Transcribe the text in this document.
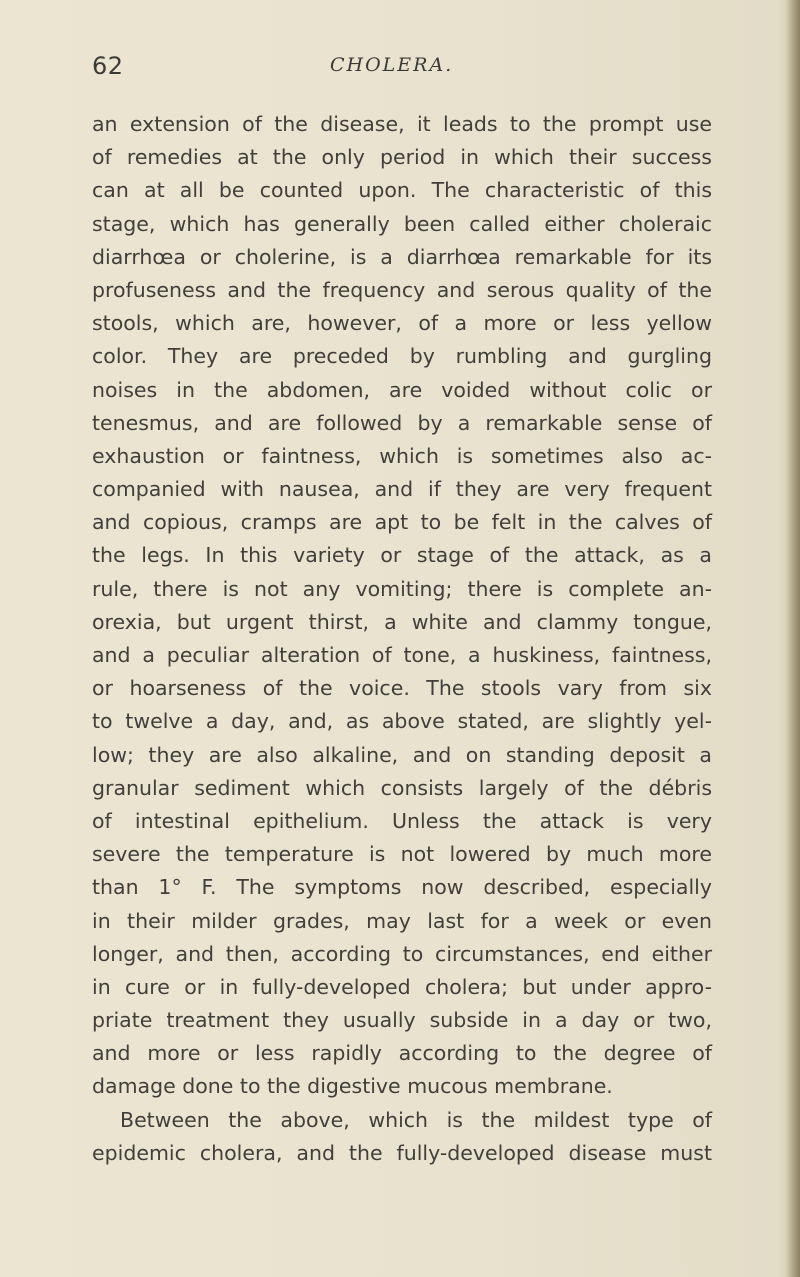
62	CHOLERA.
an extension of the disease, it leads to the prompt use
of remedies at the only period in which their success
can at all be counted upon. The characteristic of this
stage, which has generally been called either choleraic
diarrhœa or cholerine, is a diarrhœa remarkable for its
profuseness and the frequency and serous quality of the
stools, which are, however, of a more or less yellow
color. They are preceded by rumbling and gurgling
noises in the abdomen, are voided without colic or
tenesmus, and are followed by a remarkable sense of
exhaustion or faintness, which is sometimes also ac-
companied with nausea, and if they are very frequent
and copious, cramps are apt to be felt in the calves of
the legs. In this variety or stage of the attack, as a
rule, there is not any vomiting; there is complete an-
orexia, but urgent thirst, a white and clammy tongue,
and a peculiar alteration of tone, a huskiness, faintness,
or hoarseness of the voice. The stools vary from six
to twelve a day, and, as above stated, are slightly yel-
low; they are also alkaline, and on standing deposit a
granular sediment which consists largely of the débris
of intestinal epithelium. Unless the attack is very
severe the temperature is not lowered by much more
than 1° F. The symptoms now described, especially
in their milder grades, may last for a week or even
longer, and then, according to circumstances, end either
in cure or in fully-developed cholera; but under appro-
priate treatment they usually subside in a day or two,
and more or less rapidly according to the degree of
damage done to the digestive mucous membrane.
Between the above, which is the mildest type of
epidemic cholera, and the fully-developed disease must
